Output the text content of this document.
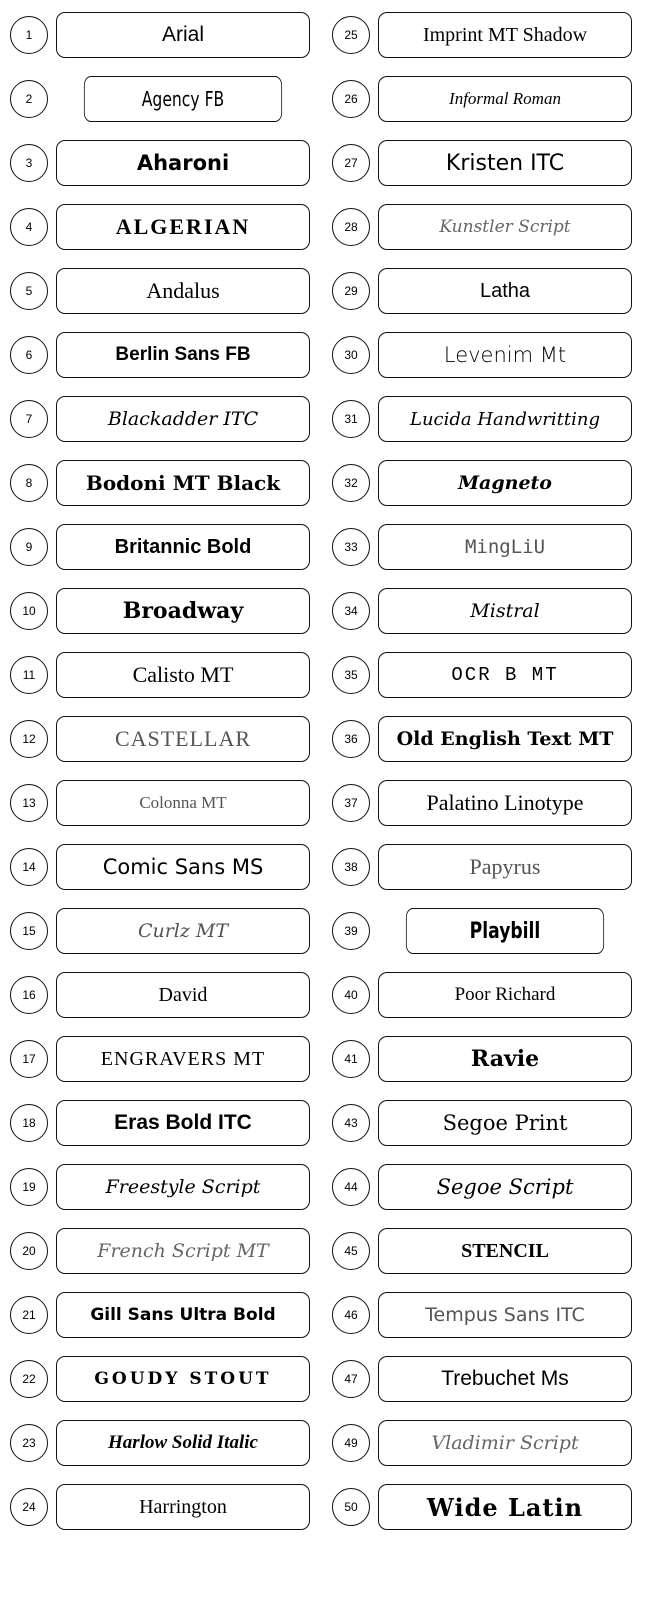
1	Arial
2	Agency FB
3	Aharoni
4	ALGERIAN
5	Andalus
6	Berlin Sans FB
7	Blackadder ITC
8	Bodoni MT Black
9	Britannic Bold
10	Broadway
11	Calisto MT
12	CASTELLAR
13	Colonna MT
14	Comic Sans MS
15	Curlz MT
16	David
17	ENGRAVERS MT
18	Eras Bold ITC
19	Freestyle Script
20	French Script MT
21	Gill Sans Ultra Bold
22	GOUDY STOUT
23	Harlow Solid Italic
24	Harrington
25	Imprint MT Shadow
26	Informal Roman
27	Kristen ITC
28	Kunstler Script
29	Latha
30	Levenim Mt
31	Lucida Handwritting
32	Magneto
33	MingLiU
34	Mistral
35	OCR B MT
36	Old English Text MT
37	Palatino Linotype
38	Papyrus
39	Playbill
40	Poor Richard
41	Ravie
43	Segoe Print
44	Segoe Script
45	STENCIL
46	Tempus Sans ITC
47	Trebuchet Ms
49	Vladimir Script
50	Wide Latin
